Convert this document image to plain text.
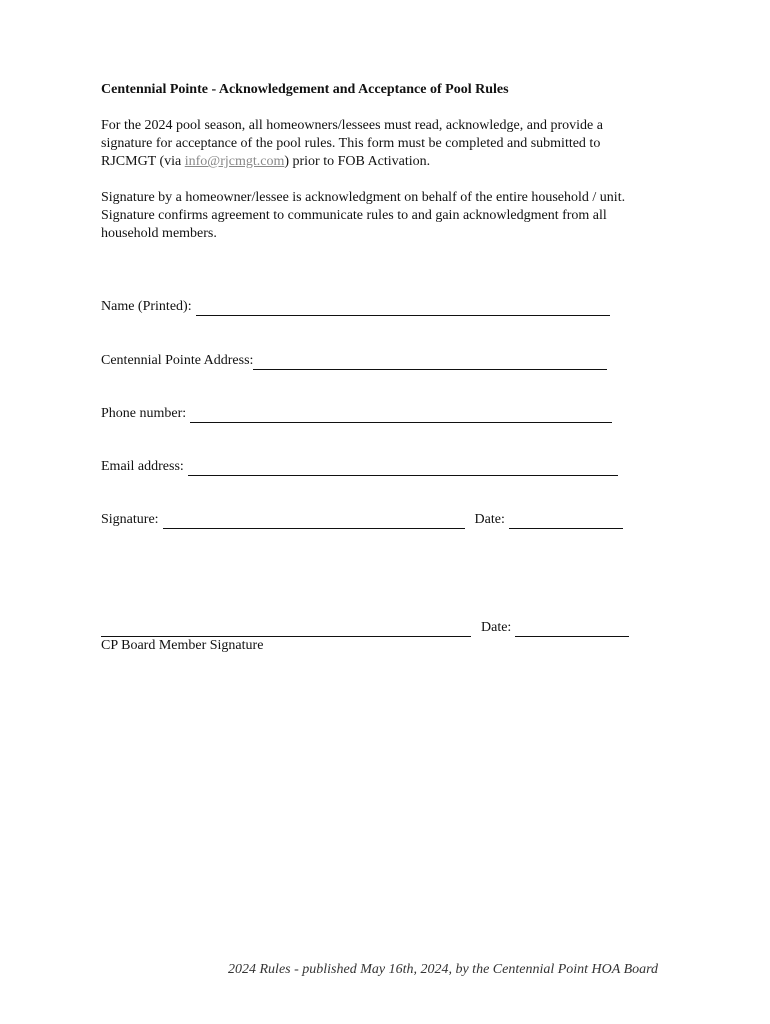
Centennial Pointe - Acknowledgement and Acceptance of Pool Rules
For the 2024 pool season, all homeowners/lessees must read, acknowledge, and provide a
signature for acceptance of the pool rules. This form must be completed and submitted to
RJCMGT (via info@rjcmgt.com) prior to FOB Activation.
Signature by a homeowner/lessee is acknowledgment on behalf of the entire household / unit.
Signature confirms agreement to communicate rules to and gain acknowledgment from all
household members.
Name (Printed):
Centennial Pointe Address:
Phone number:
Email address:
Signature:	Date:
Date:
CP Board Member Signature
2024 Rules - published May 16th, 2024, by the Centennial Point HOA Board
